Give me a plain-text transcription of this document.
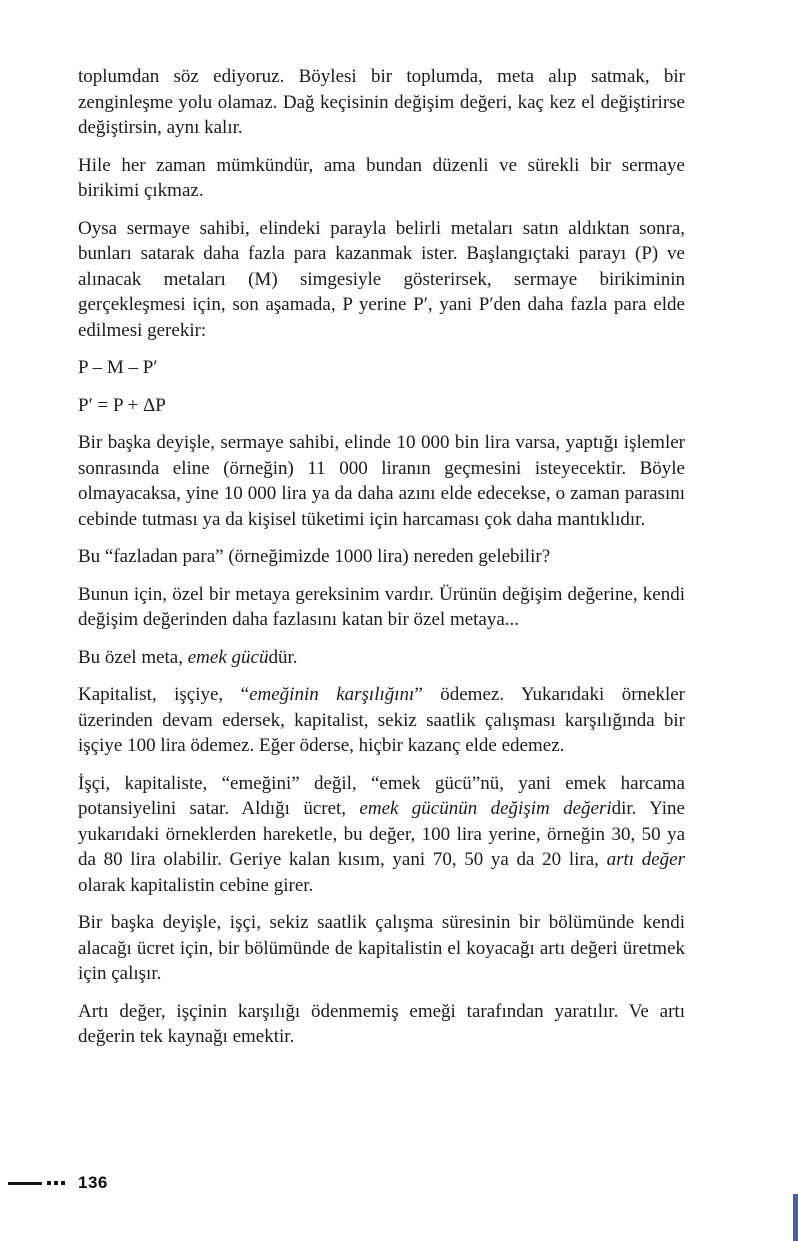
toplumdan söz ediyoruz. Böylesi bir toplumda, meta alıp satmak, bir zenginleşme yolu olamaz. Dağ keçisinin değişim değeri, kaç kez el değiştirirse değiştirsin, aynı kalır.

Hile her zaman mümkündür, ama bundan düzenli ve sürekli bir sermaye birikimi çıkmaz.

Oysa sermaye sahibi, elindeki parayla belirli metaları satın aldıktan sonra, bunları satarak daha fazla para kazanmak ister. Başlangıçtaki parayı (P) ve alınacak metaları (M) simgesiyle gösterirsek, sermaye birikiminin gerçekleşmesi için, son aşamada, P yerine P′, yani P′den daha fazla para elde edilmesi gerekir:

P – M – P′

P′ = P + ΔP

Bir başka deyişle, sermaye sahibi, elinde 10 000 bin lira varsa, yaptığı işlemler sonrasında eline (örneğin) 11 000 liranın geçmesini isteyecektir. Böyle olmayacaksa, yine 10 000 lira ya da daha azını elde edecekse, o zaman parasını cebinde tutması ya da kişisel tüketimi için harcaması çok daha mantıklıdır.

Bu “fazladan para” (örneğimizde 1000 lira) nereden gelebilir?

Bunun için, özel bir metaya gereksinim vardır. Ürünün değişim değerine, kendi değişim değerinden daha fazlasını katan bir özel metaya...

Bu özel meta, emek gücüdür.

Kapitalist, işçiye, “emeğinin karşılığını” ödemez. Yukarıdaki örnekler üzerinden devam edersek, kapitalist, sekiz saatlik çalışması karşılığında bir işçiye 100 lira ödemez. Eğer öderse, hiçbir kazanç elde edemez.

İşçi, kapitaliste, “emeğini” değil, “emek gücü”nü, yani emek harcama potansiyelini satar. Aldığı ücret, emek gücünün değişim değeridir. Yine yukarıdaki örneklerden hareketle, bu değer, 100 lira yerine, örneğin 30, 50 ya da 80 lira olabilir. Geriye kalan kısım, yani 70, 50 ya da 20 lira, artı değer olarak kapitalistin cebine girer.

Bir başka deyişle, işçi, sekiz saatlik çalışma süresinin bir bölümünde kendi alacağı ücret için, bir bölümünde de kapitalistin el koyacağı artı değeri üretmek için çalışır.

Artı değer, işçinin karşılığı ödenmemiş emeği tarafından yaratılır. Ve artı değerin tek kaynağı emektir.

136
